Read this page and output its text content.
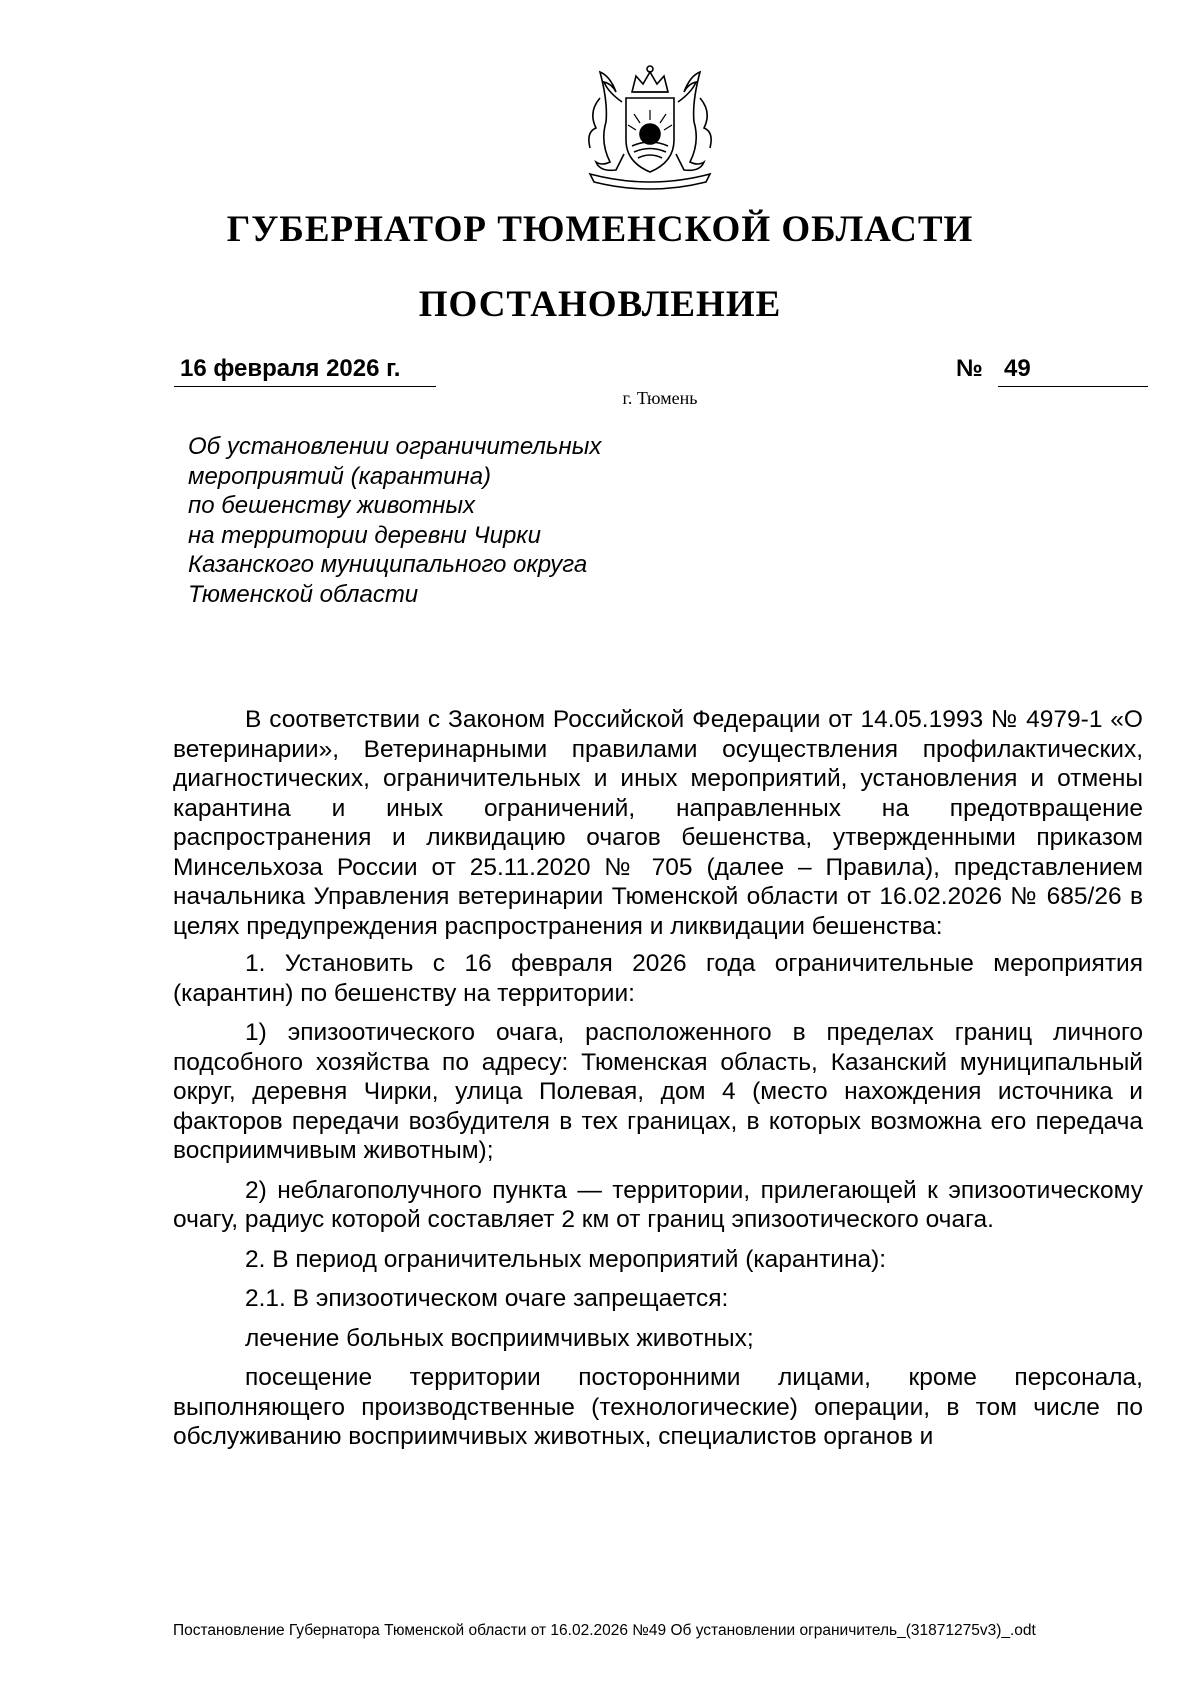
ГУБЕРНАТОР ТЮМЕНСКОЙ ОБЛАСТИ
ПОСТАНОВЛЕНИЕ
16 февраля 2026 г.	№ 49
г. Тюмень
Об установлении ограничительных
мероприятий (карантина)
по бешенству животных
на территории деревни Чирки
Казанского муниципального округа
Тюменской области

В соответствии с Законом Российской Федерации от 14.05.1993 № 4979-1 «О ветеринарии», Ветеринарными правилами осуществления профилактических, диагностических, ограничительных и иных мероприятий, установления и отмены карантина и иных ограничений, направленных на предотвращение распространения и ликвидацию очагов бешенства, утвержденными приказом Минсельхоза России от 25.11.2020 № 705 (далее – Правила), представлением начальника Управления ветеринарии Тюменской области от 16.02.2026 № 685/26 в целях предупреждения распространения и ликвидации бешенства:

1. Установить с 16 февраля 2026 года ограничительные мероприятия (карантин) по бешенству на территории:

1) эпизоотического очага, расположенного в пределах границ личного подсобного хозяйства по адресу: Тюменская область, Казанский муниципальный округ, деревня Чирки, улица Полевая, дом 4 (место нахождения источника и факторов передачи возбудителя в тех границах, в которых возможна его передача восприимчивым животным);

2) неблагополучного пункта — территории, прилегающей к эпизоотическому очагу, радиус которой составляет 2 км от границ эпизоотического очага.

2. В период ограничительных мероприятий (карантина):

2.1. В эпизоотическом очаге запрещается:

лечение больных восприимчивых животных;

посещение территории посторонними лицами, кроме персонала, выполняющего производственные (технологические) операции, в том числе по обслуживанию восприимчивых животных, специалистов органов и

Постановление Губернатора Тюменской области от 16.02.2026 №49 Об установлении ограничитель_(31871275v3)_.odt
